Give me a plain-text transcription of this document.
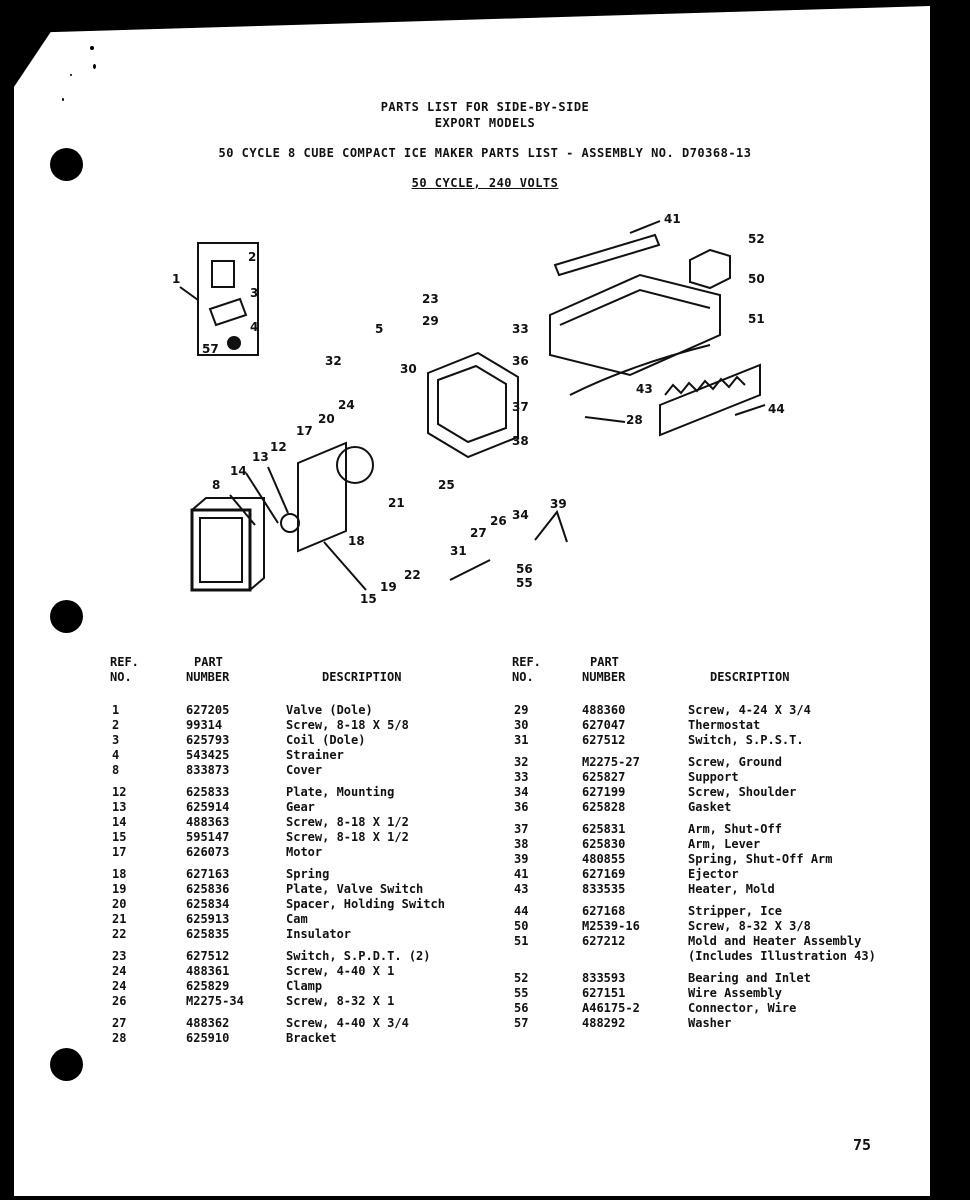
PARTS LIST FOR SIDE-BY-SIDE
EXPORT MODELS
50 CYCLE 8 CUBE COMPACT ICE MAKER PARTS LIST - ASSEMBLY NO. D70368-13
50 CYCLE, 240 VOLTS
1
2
3
4
57
5
8
12
13
14
15
17
18
19
20
21
22
23
29
24
25
26
27
28
30
31
32
33
34
36
37
38
39
41
43
44
50
51
52
55
56
REF.
NO.
PART
NUMBER	DESCRIPTION
1	627205	Valve (Dole)
2	99314	Screw, 8-18 X 5/8
3	625793	Coil (Dole)
4	543425	Strainer
8	833873	Cover
12	625833	Plate, Mounting
13	625914	Gear
14	488363	Screw, 8-18 X 1/2
15	595147	Screw, 8-18 X 1/2
17	626073	Motor
18	627163	Spring
19	625836	Plate, Valve Switch
20	625834	Spacer, Holding Switch
21	625913	Cam
22	625835	Insulator
23	627512	Switch, S.P.D.T. (2)
24	488361	Screw, 4-40 X 1
24	625829	Clamp
26	M2275-34	Screw, 8-32 X 1
27	488362	Screw, 4-40 X 3/4
28	625910	Bracket
REF.
NO.
PART
NUMBER	DESCRIPTION
29	488360	Screw, 4-24 X 3/4
30	627047	Thermostat
31	627512	Switch, S.P.S.T.
32	M2275-27	Screw, Ground
33	625827	Support
34	627199	Screw, Shoulder
36	625828	Gasket
37	625831	Arm, Shut-Off
38	625830	Arm, Lever
39	480855	Spring, Shut-Off Arm
41	627169	Ejector
43	833535	Heater, Mold
44	627168	Stripper, Ice
50	M2539-16	Screw, 8-32 X 3/8
51	627212	Mold and Heater Assembly
(Includes Illustration 43)
52	833593	Bearing and Inlet
55	627151	Wire Assembly
56	A46175-2	Connector, Wire
57	488292	Washer
75
